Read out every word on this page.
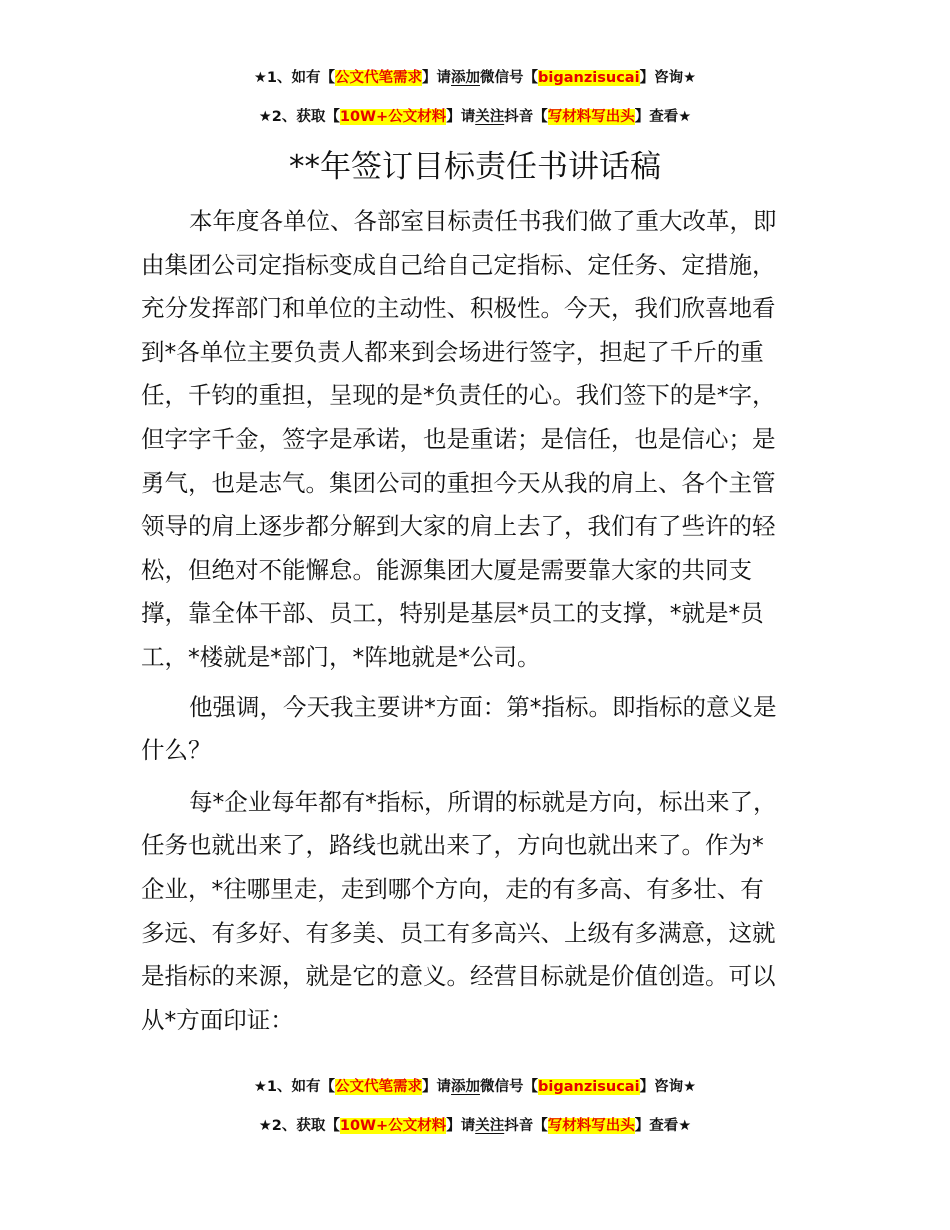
★1、如有【公文代笔需求】请添加微信号【biganzisucai】咨询★
★2、获取【10W+公文材料】请关注抖音【写材料写出头】查看★
**年签订目标责任书讲话稿

本年度各单位、各部室目标责任书我们做了重大改革，即
由集团公司定指标变成自己给自己定指标、定任务、定措施，
充分发挥部门和单位的主动性、积极性。今天，我们欣喜地看
到*各单位主要负责人都来到会场进行签字，担起了千斤的重
任，千钧的重担，呈现的是*负责任的心。我们签下的是*字，
但字字千金，签字是承诺，也是重诺；是信任，也是信心；是
勇气，也是志气。集团公司的重担今天从我的肩上、各个主管
领导的肩上逐步都分解到大家的肩上去了，我们有了些许的轻
松，但绝对不能懈怠。能源集团大厦是需要靠大家的共同支
撑，靠全体干部、员工，特别是基层*员工的支撑，*就是*员
工，*楼就是*部门，*阵地就是*公司。

他强调，今天我主要讲*方面：第*指标。即指标的意义是
什么？

每*企业每年都有*指标，所谓的标就是方向，标出来了，
任务也就出来了，路线也就出来了，方向也就出来了。作为*
企业，*往哪里走，走到哪个方向，走的有多高、有多壮、有
多远、有多好、有多美、员工有多高兴、上级有多满意，这就
是指标的来源，就是它的意义。经营目标就是价值创造。可以
从*方面印证：

★1、如有【公文代笔需求】请添加微信号【biganzisucai】咨询★
★2、获取【10W+公文材料】请关注抖音【写材料写出头】查看★
